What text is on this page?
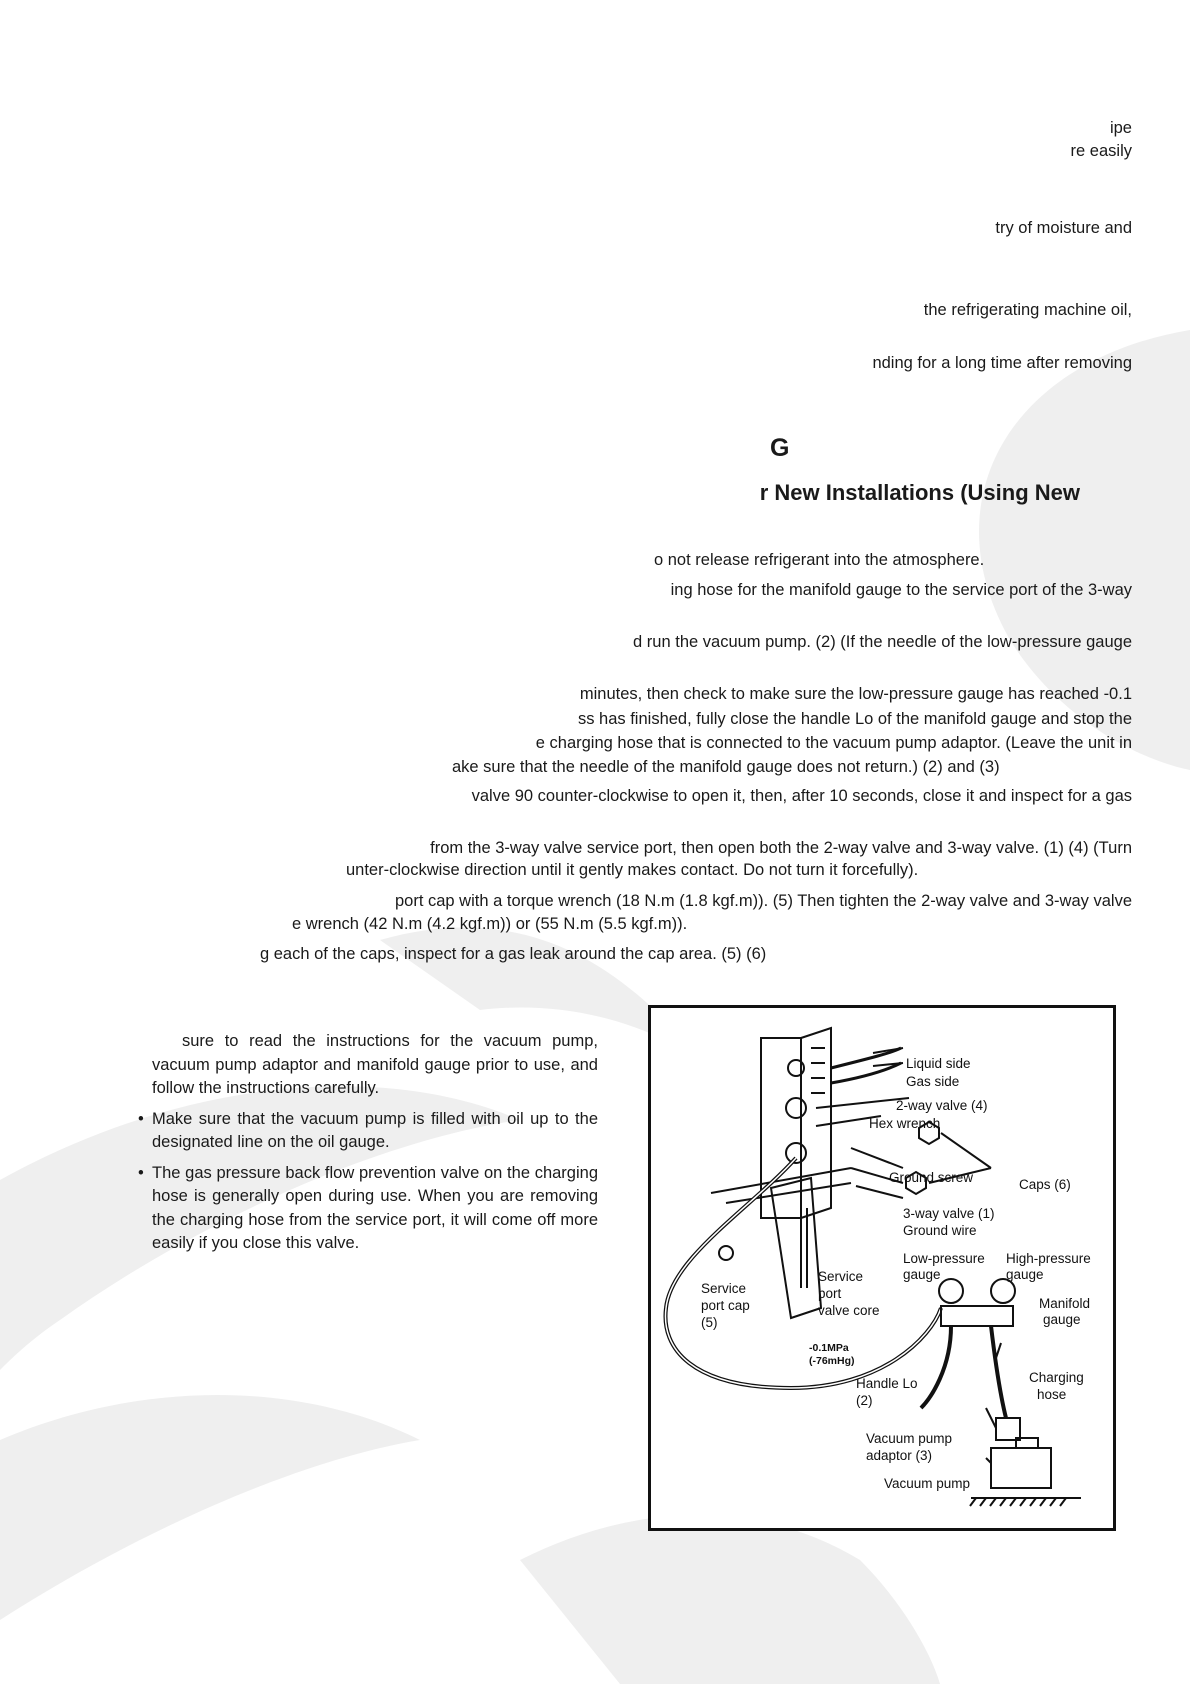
ipe
re easily
try of moisture and
the refrigerating machine oil,
nding for a long time after removing
G
r New Installations (Using New
o not release refrigerant into the atmosphere.
ing hose for the manifold gauge to the service port of the 3-way
d run the vacuum pump. (2) (If the needle of the low-pressure gauge
minutes, then check to make sure the low-pressure gauge has reached -0.1
ss has finished, fully close the handle Lo of the manifold gauge and stop the
e charging hose that is connected to the vacuum pump adaptor. (Leave the unit in
ake sure that the needle of the manifold gauge does not return.) (2) and (3)
valve 90 counter-clockwise to open it, then, after 10 seconds, close it and inspect for a gas
from the 3-way valve service port, then open both the 2-way valve and 3-way valve. (1) (4) (Turn
unter-clockwise direction until it gently makes contact. Do not turn it forcefully).
port cap with a torque wrench (18 N.m (1.8 kgf.m)). (5) Then tighten the 2-way valve and 3-way valve
e wrench (42 N.m (4.2 kgf.m)) or (55 N.m (5.5 kgf.m)).
g each of the caps, inspect for a gas leak around the cap area. (5) (6)

sure to read the instructions for the vacuum pump, vacuum pump adaptor and manifold gauge prior to use, and follow the instructions carefully.

• Make sure that the vacuum pump is filled with oil up to the designated line on the oil gauge.

• The gas pressure back flow prevention valve on the charging hose is generally open during use. When you are removing the charging hose from the service port, it will come off more easily if you close this valve.

Liquid side
Gas side
2-way valve (4)
Hex wrench
Ground screw	Caps (6)
3-way valve (1)
Ground wire
Low-pressure
gauge
High-pressure
gauge
Service
port cap
(5)
Service
port
valve core	Manifold
gauge
-0.1MPa
(-76mHg)
Handle Lo
(2)
Charging
hose
Vacuum pump
adaptor (3)
Vacuum pump
